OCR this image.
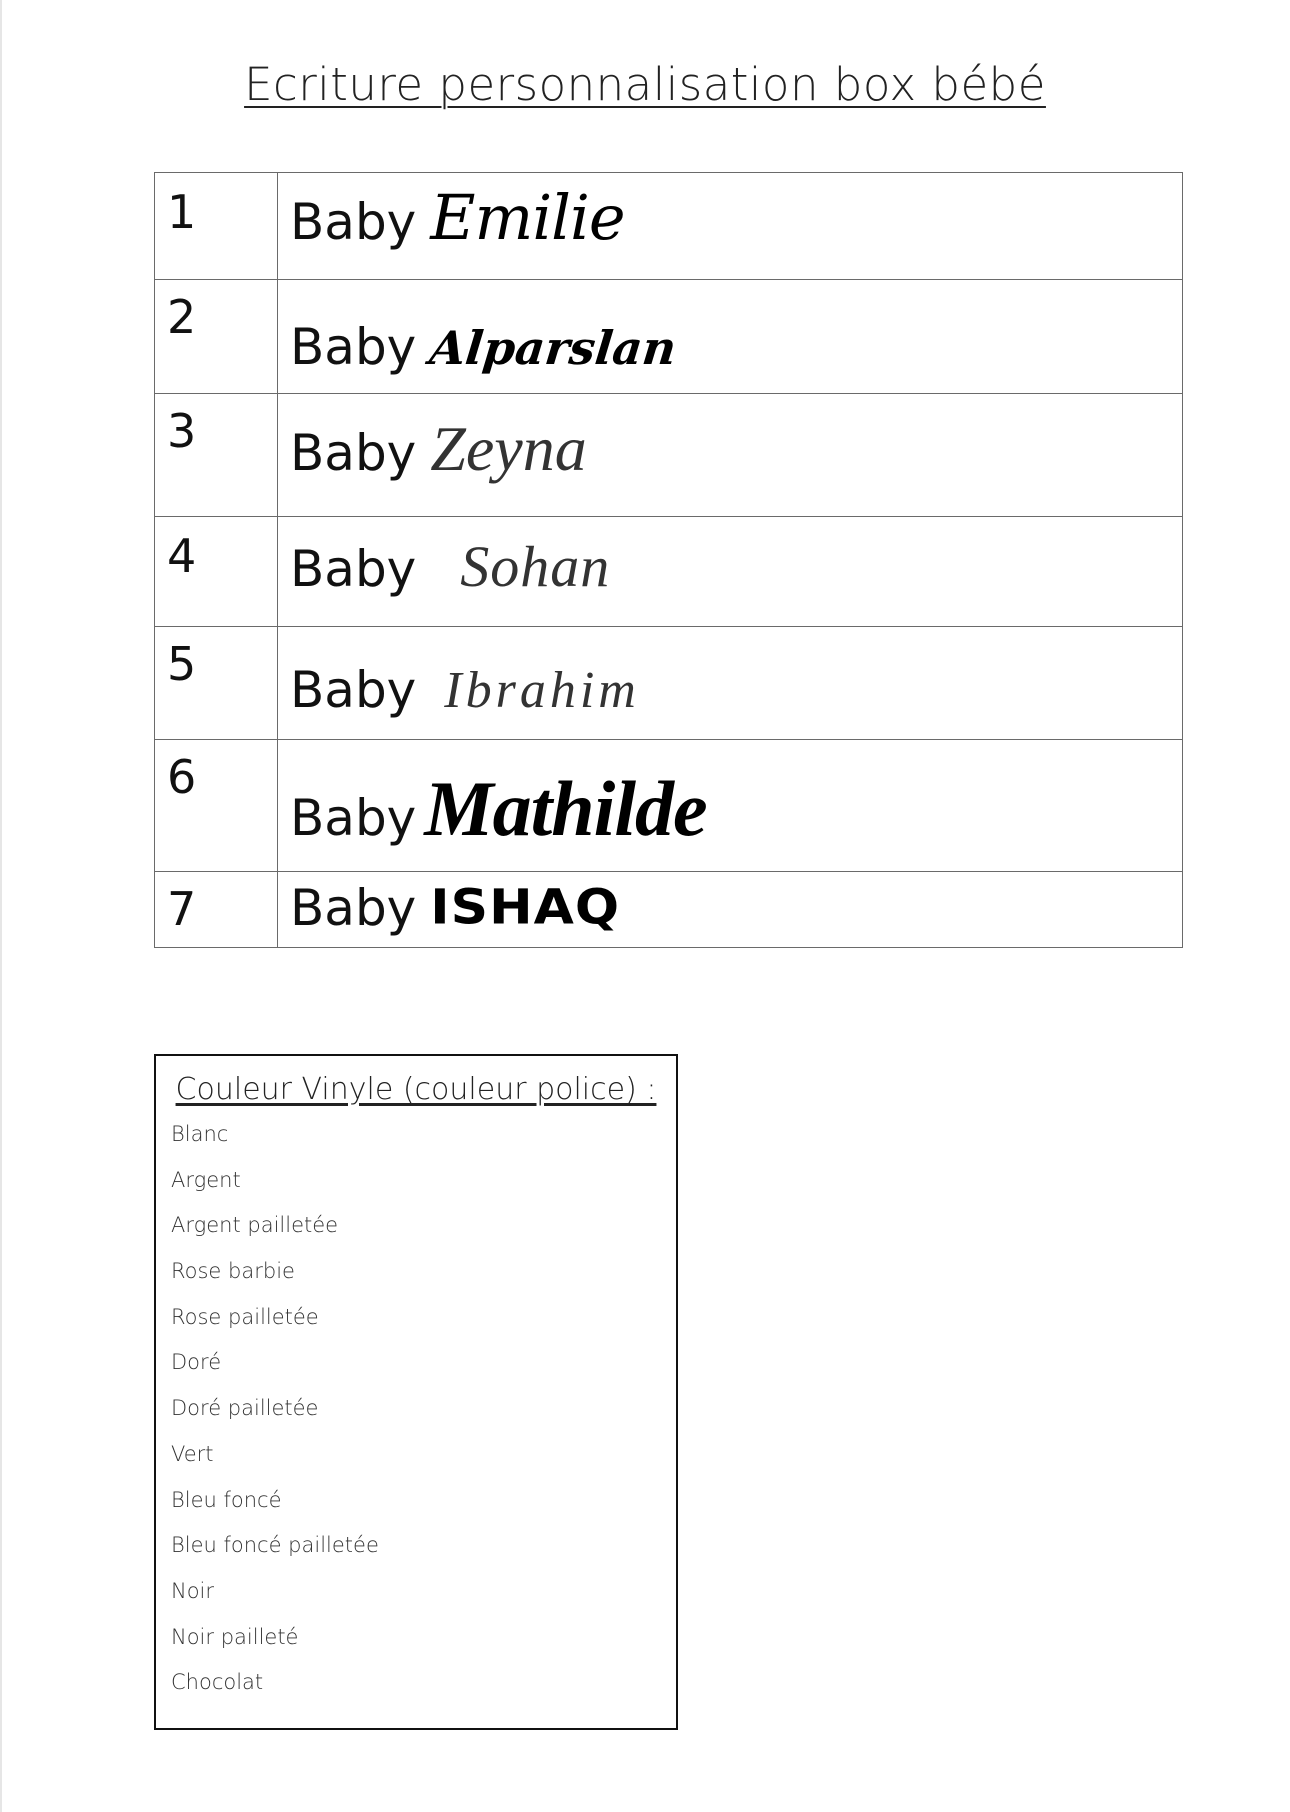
Ecriture personnalisation box bébé
1	Baby Emilie

2	Baby Alparslan

3	Baby Zeyna

4	Baby Sohan

5	Baby Ibrahim

6	Baby Mathilde

7	Baby ISHAQ
Couleur Vinyle (couleur police) :
Blanc
Argent
Argent pailletée
Rose barbie
Rose pailletée
Doré
Doré pailletée
Vert
Bleu foncé
Bleu foncé pailletée
Noir
Noir pailleté
Chocolat
